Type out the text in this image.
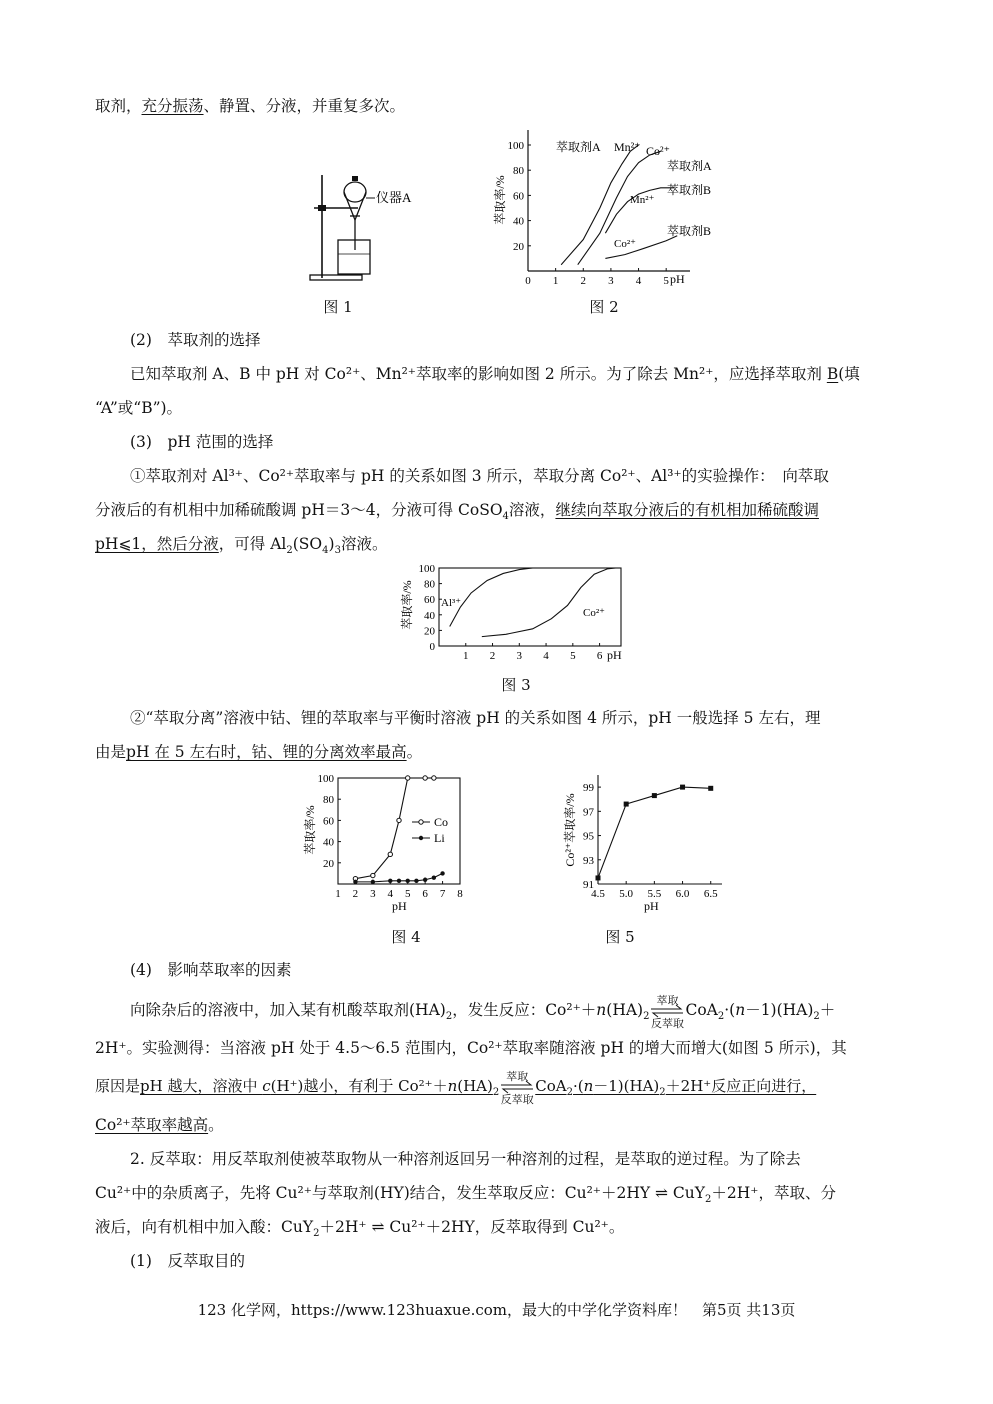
取剂，充分振荡、静置、分液，并重复多次。
仪器A
图 1
萃取率/%
100
80
60
40
20
0 1 2 3 4 5 pH
萃取剂A Mn²⁺ Co²⁺
萃取剂A
萃取剂B
Mn²⁺
Co²⁺
萃取剂B
图 2
(2)　萃取剂的选择
已知萃取剂 A、B 中 pH 对 Co²⁺、Mn²⁺萃取率的影响如图 2 所示。为了除去 Mn²⁺，应选择萃取剂 B(填
“A”或“B”)。
(3)　pH 范围的选择
①萃取剂对 Al³⁺、Co²⁺萃取率与 pH 的关系如图 3 所示，萃取分离 Co²⁺、Al³⁺的实验操作：　向萃取
分液后的有机相中加稀硫酸调 pH＝3～4，分液可得 CoSO$_4$溶液，继续向萃取分液后的有机相加稀硫酸调
pH⩽1，然后分液，可得 $Al_2(SO_4)_3$溶液。
萃取率/%
100
80
60
40
20
0
1 2 3 4 5 6 pH
Al³⁺
Co²⁺
图 3
②“萃取分离”溶液中钴、锂的萃取率与平衡时溶液 pH 的关系如图 4 所示，pH 一般选择 5 左右，理
由是pH 在 5 左右时，钴、锂的分离效率最高。
萃取率/%
100
80
60
40
20
1 2 3 4 5 6 7 8
pH
Co
Li
图 4
Co²⁺萃取率/%
99
97
95
93
91
4.5 5.0 5.5 6.0 6.5
pH
图 5
(4)　影响萃取率的因素
向除杂后的溶液中，加入某有机酸萃取剂$(HA)_2$，发生反应：$Co^{2+}+n(HA)_2$
萃取
反萃取
$CoA_2\cdot(n-1)(HA)_2+$
2H⁺。实验测得：当溶液 pH 处于 4.5～6.5 范围内，Co²⁺萃取率随溶液 pH 的增大而增大(如图 5 所示)，其
原因是pH 越大，溶液中 c(H⁺)越小，有利于 $Co^{2+}+n(HA)_2$
萃取
反萃取
$CoA_2\cdot(n-1)(HA)_2+2H^+$反应正向进行，
Co²⁺萃取率越高。
2. 反萃取：用反萃取剂使被萃取物从一种溶剂返回另一种溶剂的过程，是萃取的逆过程。为了除去
Cu²⁺中的杂质离子，先将 Cu²⁺与萃取剂(HY)结合，发生萃取反应：Cu²⁺＋2HY ⇌ CuY$_2$＋2H⁺，萃取、分
液后，向有机相中加入酸：CuY$_2$＋2H⁺ ⇌ Cu²⁺＋2HY，反萃取得到 Cu²⁺。
(1)　反萃取目的
123 化学网，https://www.123huaxue.com，最大的中学化学资料库！　第5页 共13页
